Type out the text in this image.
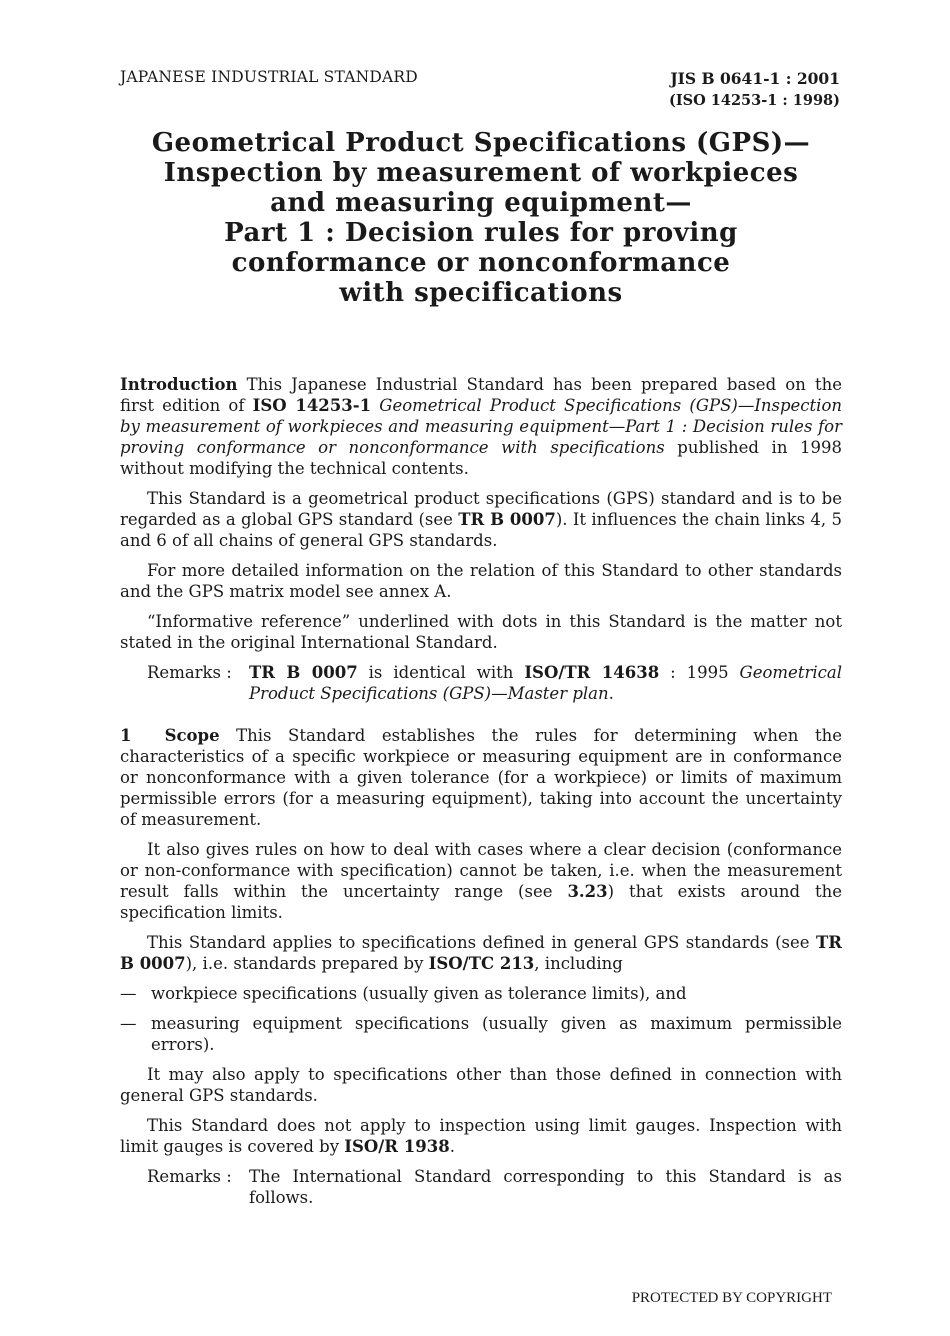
JAPANESE INDUSTRIAL STANDARD	JIS B 0641-1 : 2001
(ISO 14253-1 : 1998)
Geometrical Product Specifications (GPS)—
Inspection by measurement of workpieces
and measuring equipment—
Part 1 : Decision rules for proving
conformance or nonconformance
with specifications

Introduction This Japanese Industrial Standard has been prepared based on the first edition of ISO 14253-1 Geometrical Product Specifications (GPS)—Inspection by measurement of workpieces and measuring equipment—Part 1 : Decision rules for proving conformance or nonconformance with specifications published in 1998 without modifying the technical contents.

This Standard is a geometrical product specifications (GPS) standard and is to be regarded as a global GPS standard (see TR B 0007). It influences the chain links 4, 5 and 6 of all chains of general GPS standards.

For more detailed information on the relation of this Standard to other standards and the GPS matrix model see annex A.

“Informative reference” underlined with dots in this Standard is the matter not stated in the original International Standard.

Remarks :	TR B 0007 is identical with ISO/TR 14638 : 1995 Geometrical Product Specifications (GPS)—Master plan.

1 Scope This Standard establishes the rules for determining when the characteristics of a specific workpiece or measuring equipment are in conformance or nonconformance with a given tolerance (for a workpiece) or limits of maximum permissible errors (for a measuring equipment), taking into account the uncertainty of measurement.

It also gives rules on how to deal with cases where a clear decision (conformance or non-conformance with specification) cannot be taken, i.e. when the measurement result falls within the uncertainty range (see 3.23) that exists around the specification limits.

This Standard applies to specifications defined in general GPS standards (see TR B 0007), i.e. standards prepared by ISO/TC 213, including

— workpiece specifications (usually given as tolerance limits), and
— measuring equipment specifications (usually given as maximum permissible errors).

It may also apply to specifications other than those defined in connection with general GPS standards.

This Standard does not apply to inspection using limit gauges. Inspection with limit gauges is covered by ISO/R 1938.

Remarks :	The International Standard corresponding to this Standard is as follows.
PROTECTED BY COPYRIGHT
